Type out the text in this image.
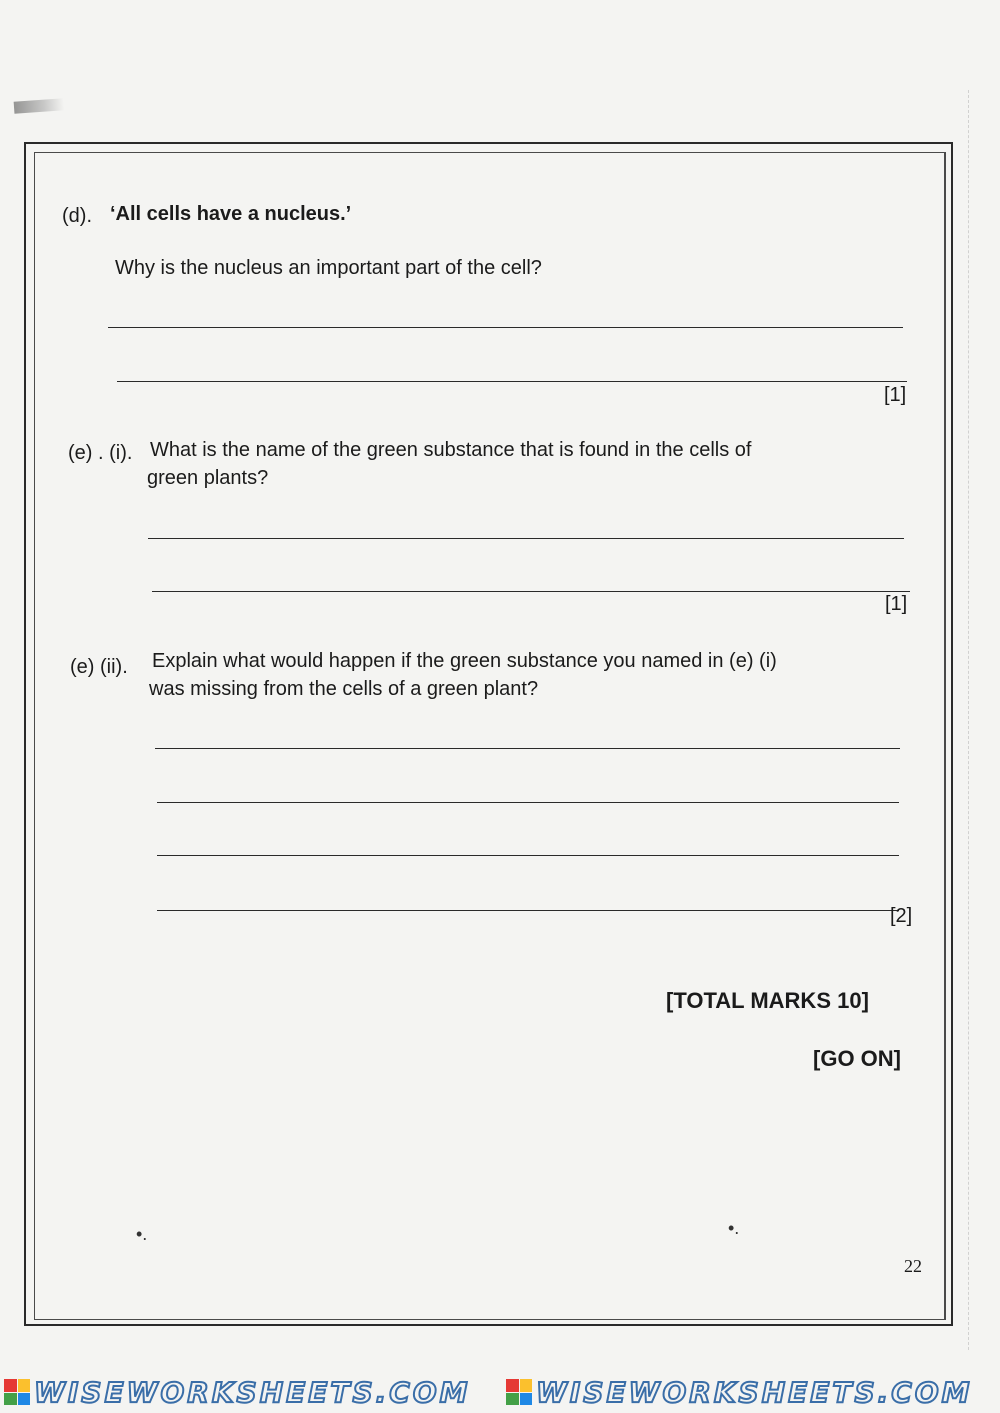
(d). ‘All cells have a nucleus.’
Why is the nucleus an important part of the cell?
[1]
(e) . (i). What is the name of the green substance that is found in the cells of
green plants?
[1]
(e) (ii). Explain what would happen if the green substance you named in (e) (i)
was missing from the cells of a green plant?
[2]
[TOTAL MARKS 10]
[GO ON]
•.	•.
22
WISEWORKSHEETS.COM WISEWORKSHEETS.COM
